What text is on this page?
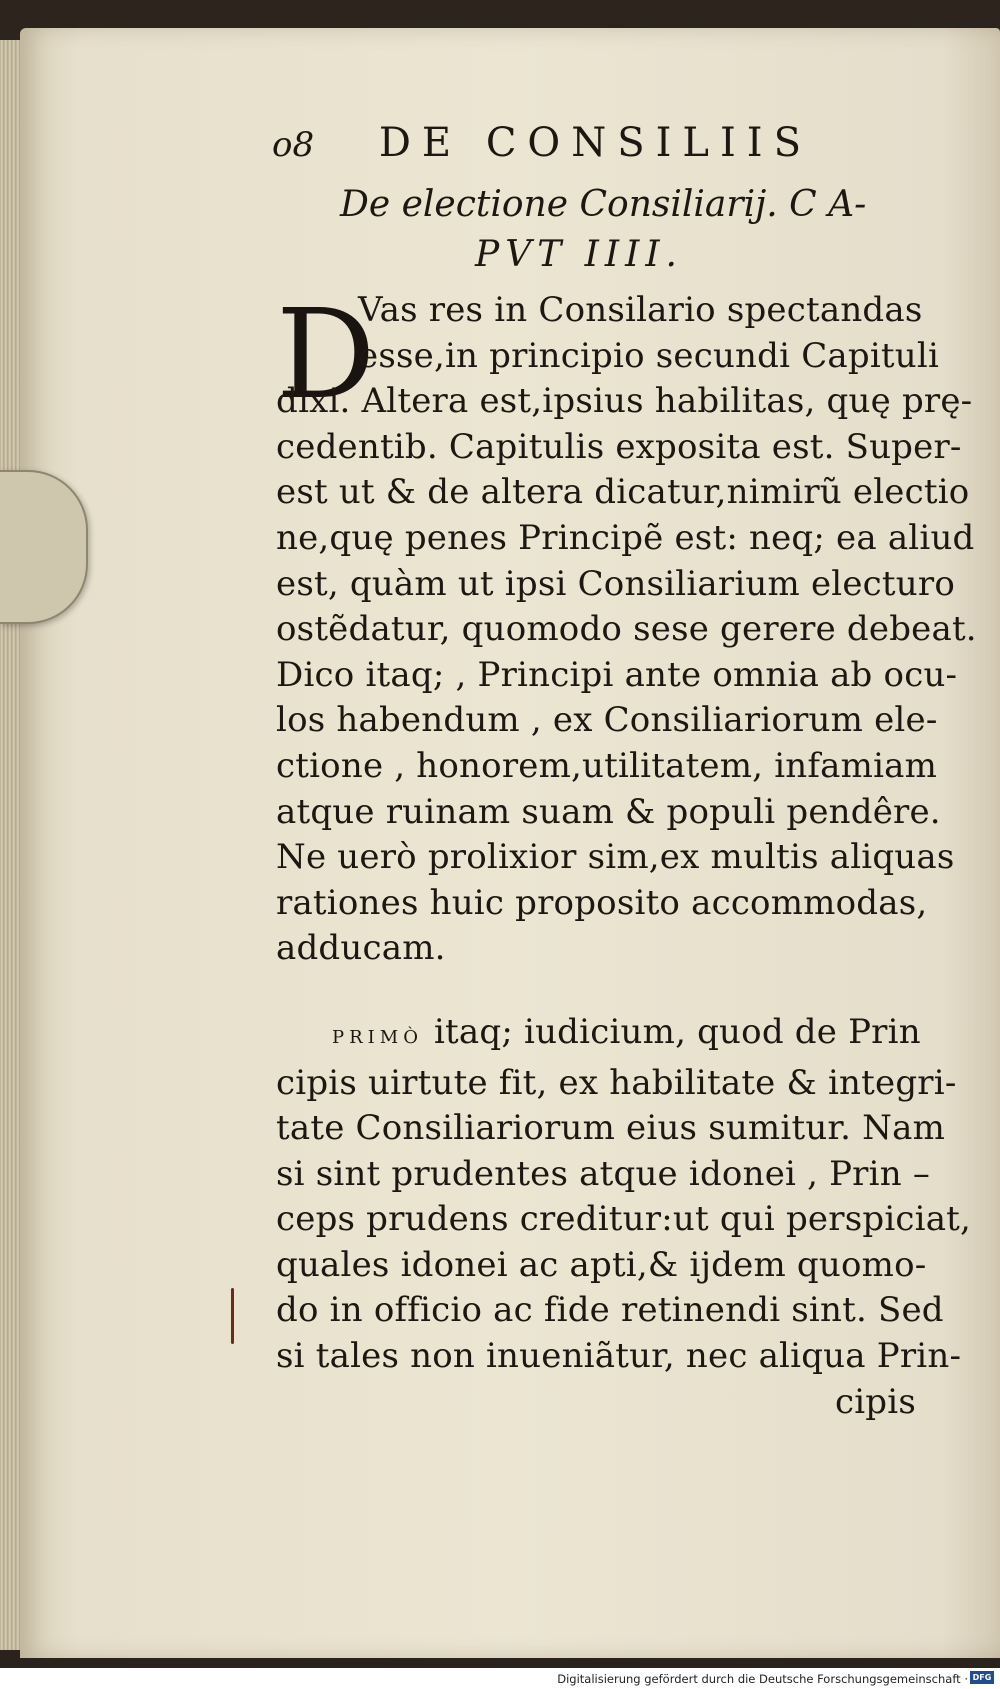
o8 DE CONSILIIS
De electione Consiliarij. C A-
PVT IIII.
D
Vas res in Consilario spectandas
esse,in principio secundi Capituli
dixi. Altera est,ipsius habilitas, quę prę-
cedentib. Capitulis exposita est. Super-
est ut & de altera dicatur,nimirũ electio
ne,quę penes Principẽ est: neq; ea aliud
est, quàm ut ipsi Consiliarium electuro
ostẽdatur, quomodo sese gerere debeat.
Dico itaq; , Principi ante omnia ab ocu-
los habendum , ex Consiliariorum ele-
ctione , honorem,utilitatem, infamiam
atque ruinam suam & populi pendêre.
Ne uerò prolixior sim,ex multis aliquas
rationes huic proposito accommodas,
adducam.
PRIMÒ itaq; iudicium, quod de Prin
cipis uirtute fit, ex habilitate & integri-
tate Consiliariorum eius sumitur. Nam
si sint prudentes atque idonei , Prin –
ceps prudens creditur:ut qui perspiciat,
quales idonei ac apti,& ijdem quomo-
do in officio ac fide retinendi sint. Sed
si tales non inueniãtur, nec aliqua Prin-
cipis
Digitalisierung gefördert durch die Deutsche Forschungsgemeinschaft · DFG
